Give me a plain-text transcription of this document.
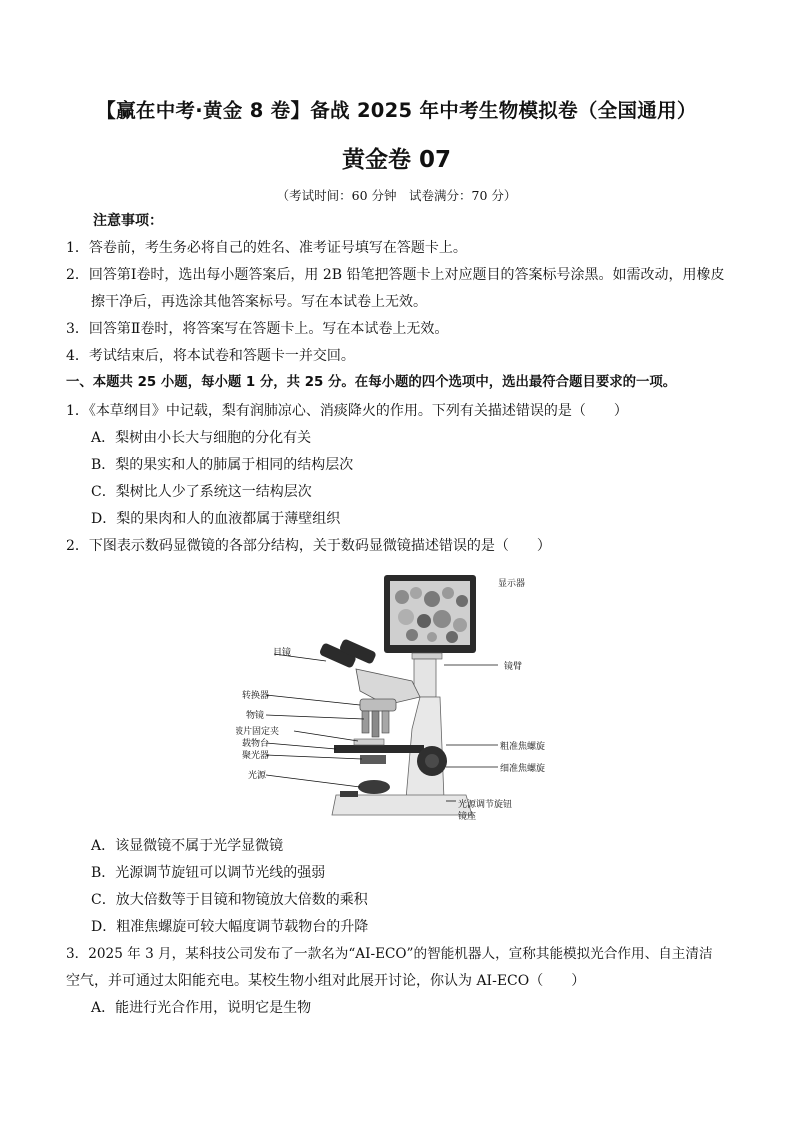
【赢在中考·黄金 8 卷】备战 2025 年中考生物模拟卷（全国通用）
黄金卷 07
（考试时间：60 分钟　试卷满分：70 分）
注意事项：
1．答卷前，考生务必将自己的姓名、准考证号填写在答题卡上。
2．回答第Ⅰ卷时，选出每小题答案后，用 2B 铅笔把答题卡上对应题目的答案标号涂黑。如需改动，用橡皮
擦干净后，再选涂其他答案标号。写在本试卷上无效。
3．回答第Ⅱ卷时，将答案写在答题卡上。写在本试卷上无效。
4．考试结束后，将本试卷和答题卡一并交回。
一、本题共 25 小题，每小题 1 分，共 25 分。在每小题的四个选项中，选出最符合题目要求的一项。
1．《本草纲目》中记载，梨有润肺凉心、消痰降火的作用。下列有关描述错误的是（　　）
A．梨树由小长大与细胞的分化有关
B．梨的果实和人的肺属于相同的结构层次
C．梨树比人少了系统这一结构层次
D．梨的果肉和人的血液都属于薄壁组织
2．下图表示数码显微镜的各部分结构，关于数码显微镜描述错误的是（　　）
显示器
目镜
镜臂
转换器
物镜
玻片固定夹
载物台
聚光器
光源
粗准焦螺旋
细准焦螺旋
光源调节旋钮
镜座
A．该显微镜不属于光学显微镜
B．光源调节旋钮可以调节光线的强弱
C．放大倍数等于目镜和物镜放大倍数的乘积
D．粗准焦螺旋可较大幅度调节载物台的升降
3．2025 年 3 月，某科技公司发布了一款名为“AI-ECO”的智能机器人，宣称其能模拟光合作用、自主清洁
空气，并可通过太阳能充电。某校生物小组对此展开讨论，你认为 AI-ECO（　　）
A．能进行光合作用，说明它是生物
